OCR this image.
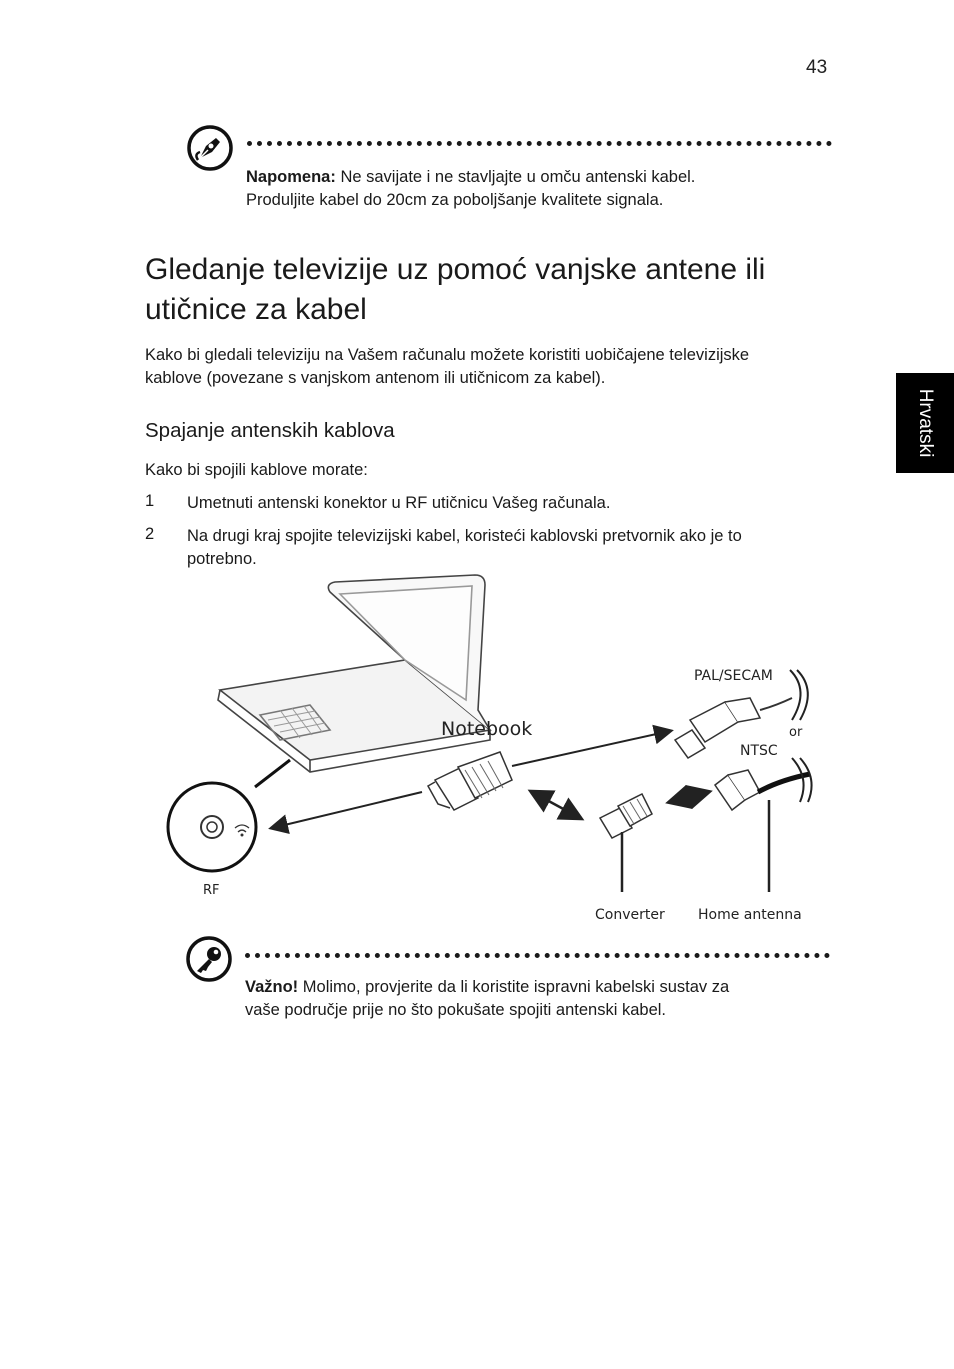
43
Hrvatski
Napomena: Ne savijate i ne stavljajte u omču antenski kabel.
Produljite kabel do 20cm za poboljšanje kvalitete signala.
Gledanje televizije uz pomoć vanjske antene ili
utičnice za kabel
Kako bi gledali televiziju na Vašem računalu možete koristiti uobičajene televizijske
kablove (povezane s vanjskom antenom ili utičnicom za kabel).
Spajanje antenskih kablova
Kako bi spojili kablove morate:
1 Umetnuti antenski konektor u RF utičnicu Vašeg računala.
2 Na drugi kraj spojite televizijski kabel, koristeći kablovski pretvornik ako je to
potrebno.
Notebook
PAL/SECAM
or
NTSC
RF
Converter Home antenna
Važno! Molimo, provjerite da li koristite ispravni kabelski sustav za
vaše područje prije no što pokušate spojiti antenski kabel.
